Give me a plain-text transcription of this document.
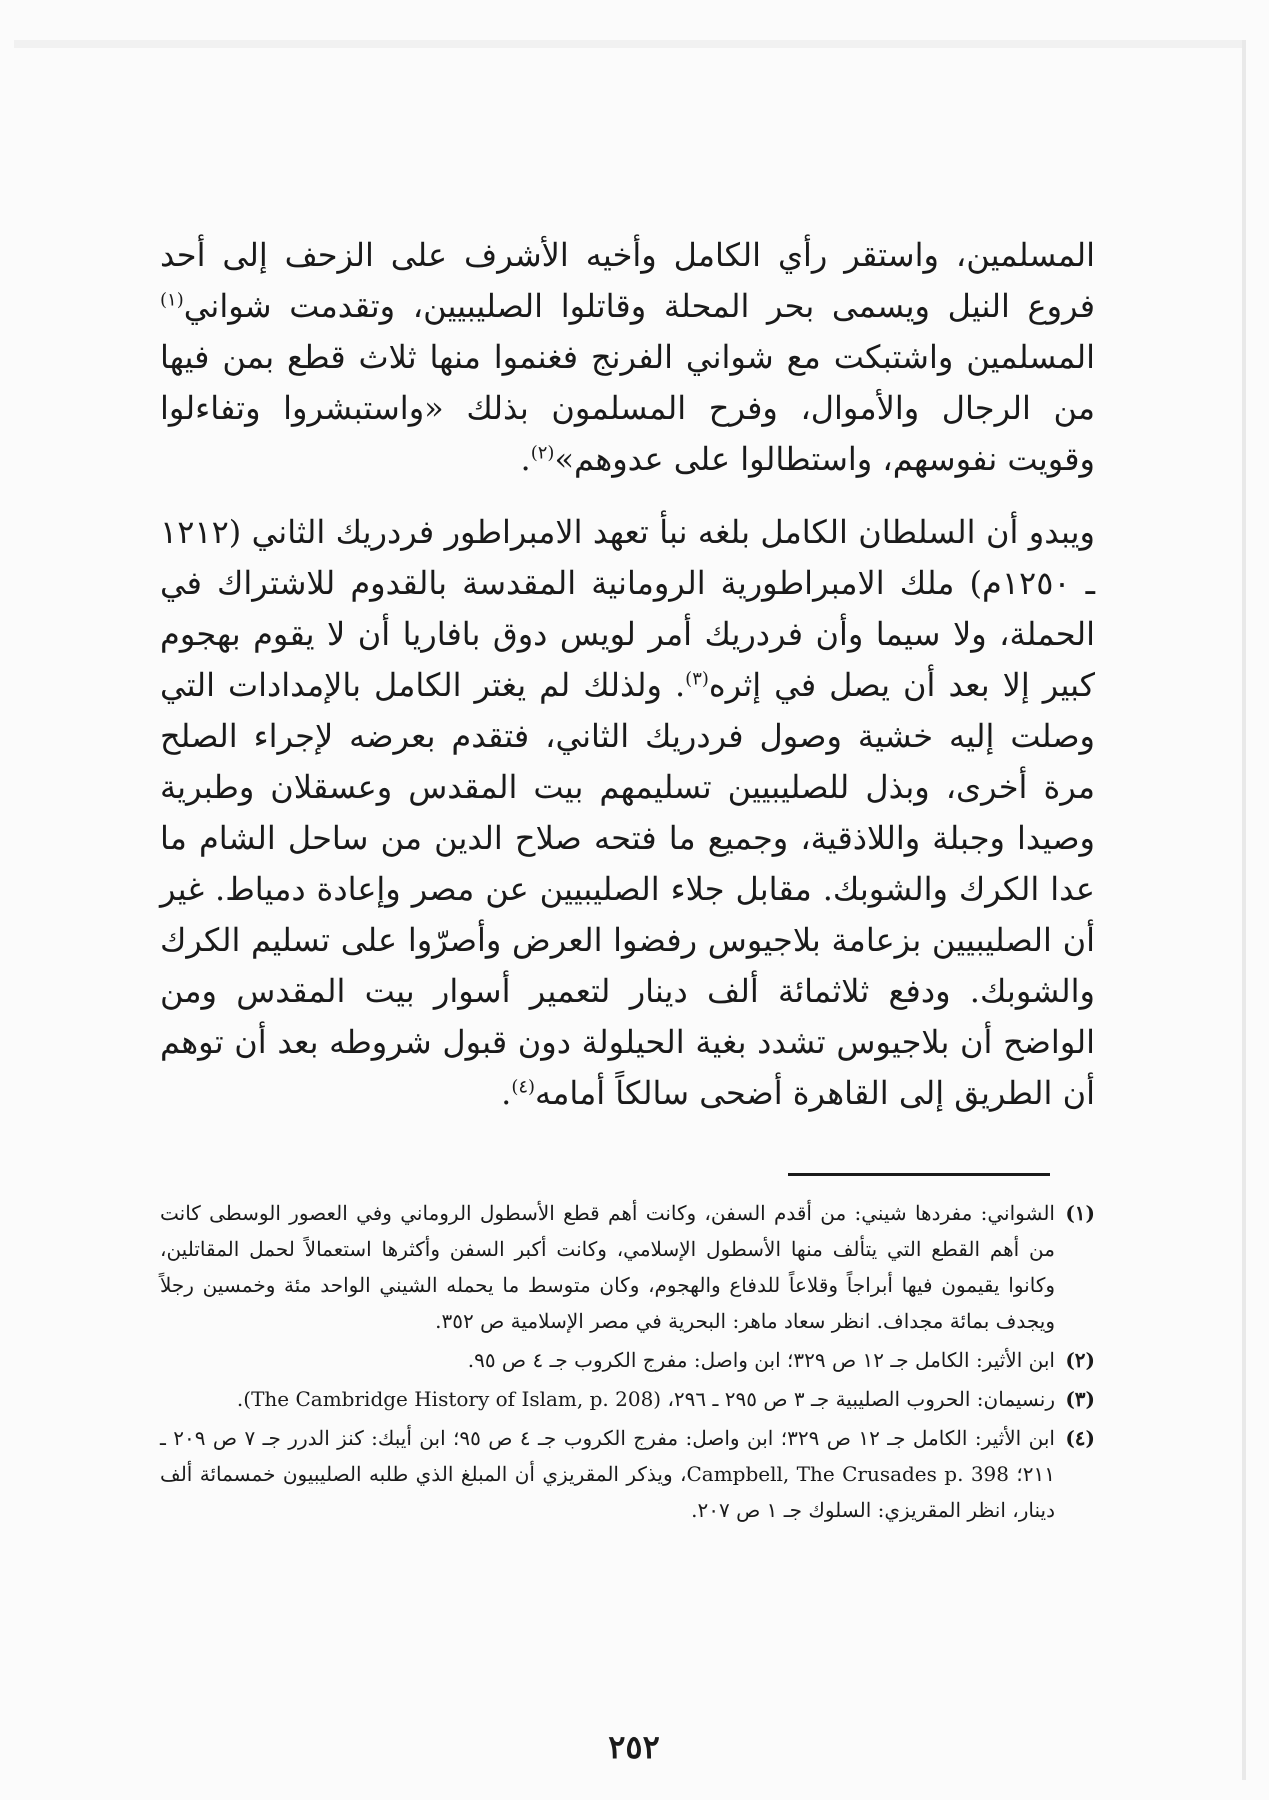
المسلمين، واستقر رأي الكامل وأخيه الأشرف على الزحف إلى أحد فروع النيل ويسمى بحر المحلة وقاتلوا الصليبيين، وتقدمت شواني$^{(١)}$ المسلمين واشتبكت مع شواني الفرنج فغنموا منها ثلاث قطع بمن فيها من الرجال والأموال، وفرح المسلمون بذلك «واستبشروا وتفاءلوا وقويت نفوسهم، واستطالوا على عدوهم»$^{(٢)}$.

ويبدو أن السلطان الكامل بلغه نبأ تعهد الامبراطور فردريك الثاني (١٢١٢ ـ ١٢٥٠م) ملك الامبراطورية الرومانية المقدسة بالقدوم للاشتراك في الحملة، ولا سيما وأن فردريك أمر لويس دوق بافاريا أن لا يقوم بهجوم كبير إلا بعد أن يصل في إثره$^{(٣)}$. ولذلك لم يغتر الكامل بالإمدادات التي وصلت إليه خشية وصول فردريك الثاني، فتقدم بعرضه لإجراء الصلح مرة أخرى، وبذل للصليبيين تسليمهم بيت المقدس وعسقلان وطبرية وصيدا وجبلة واللاذقية، وجميع ما فتحه صلاح الدين من ساحل الشام ما عدا الكرك والشوبك. مقابل جلاء الصليبيين عن مصر وإعادة دمياط. غير أن الصليبيين بزعامة بلاجيوس رفضوا العرض وأصرّوا على تسليم الكرك والشوبك. ودفع ثلاثمائة ألف دينار لتعمير أسوار بيت المقدس ومن الواضح أن بلاجيوس تشدد بغية الحيلولة دون قبول شروطه بعد أن توهم أن الطريق إلى القاهرة أضحى سالكاً أمامه$^{(٤)}$.

(١)
الشواني: مفردها شيني: من أقدم السفن، وكانت أهم قطع الأسطول الروماني وفي العصور الوسطى كانت من أهم القطع التي يتألف منها الأسطول الإسلامي، وكانت أكبر السفن وأكثرها استعمالاً لحمل المقاتلين، وكانوا يقيمون فيها أبراجاً وقلاعاً للدفاع والهجوم، وكان متوسط ما يحمله الشيني الواحد مئة وخمسين رجلاً ويجدف بمائة مجداف. انظر سعاد ماهر: البحرية في مصر الإسلامية ص ٣٥٢.
(٢)
ابن الأثير: الكامل جـ ١٢ ص ٣٢٩؛ ابن واصل: مفرج الكروب جـ ٤ ص ٩٥.
(٣)
رنسيمان: الحروب الصليبية جـ ٣ ص ٢٩٥ ـ ٢٩٦، (The Cambridge History of Islam, p. 208).
(٤)
ابن الأثير: الكامل جـ ١٢ ص ٣٢٩؛ ابن واصل: مفرج الكروب جـ ٤ ص ٩٥؛ ابن أيبك: كنز الدرر جـ ٧ ص ٢٠٩ ـ ٢١١؛ Campbell, The Crusades p. 398، ويذكر المقريزي أن المبلغ الذي طلبه الصليبيون خمسمائة ألف دينار، انظر المقريزي: السلوك جـ ١ ص ٢٠٧.
٢٥٢
